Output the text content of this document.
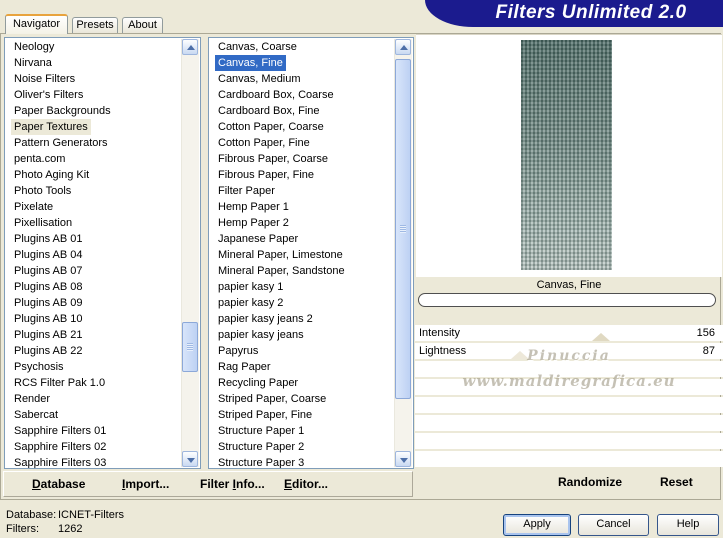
Filters Unlimited 2.0
Navigator	Presets	About
Neology
Nirvana
Noise Filters
Oliver's Filters
Paper Backgrounds
Paper Textures
Pattern Generators
penta.com
Photo Aging Kit
Photo Tools
Pixelate
Pixellisation
Plugins AB 01
Plugins AB 04
Plugins AB 07
Plugins AB 08
Plugins AB 09
Plugins AB 10
Plugins AB 21
Plugins AB 22
Psychosis
RCS Filter Pak 1.0
Render
Sabercat
Sapphire Filters 01
Sapphire Filters 02
Sapphire Filters 03
Canvas, Coarse
Canvas, Fine
Canvas, Medium
Cardboard Box, Coarse
Cardboard Box, Fine
Cotton Paper, Coarse
Cotton Paper, Fine
Fibrous Paper, Coarse
Fibrous Paper, Fine
Filter Paper
Hemp Paper 1
Hemp Paper 2
Japanese Paper
Mineral Paper, Limestone
Mineral Paper, Sandstone
papier kasy 1
papier kasy 2
papier kasy jeans 2
papier kasy jeans
Papyrus
Rag Paper
Recycling Paper
Striped Paper, Coarse
Striped Paper, Fine
Structure Paper 1
Structure Paper 2
Structure Paper 3
Canvas, Fine
Intensity	156
Lightness	87
Pinuccia
www.maldiregrafica.eu
Randomize	Reset
Database	Import...	Filter Info... Editor...
Database: ICNET-Filters
Filters: 1262	Apply	Cancel	Help
